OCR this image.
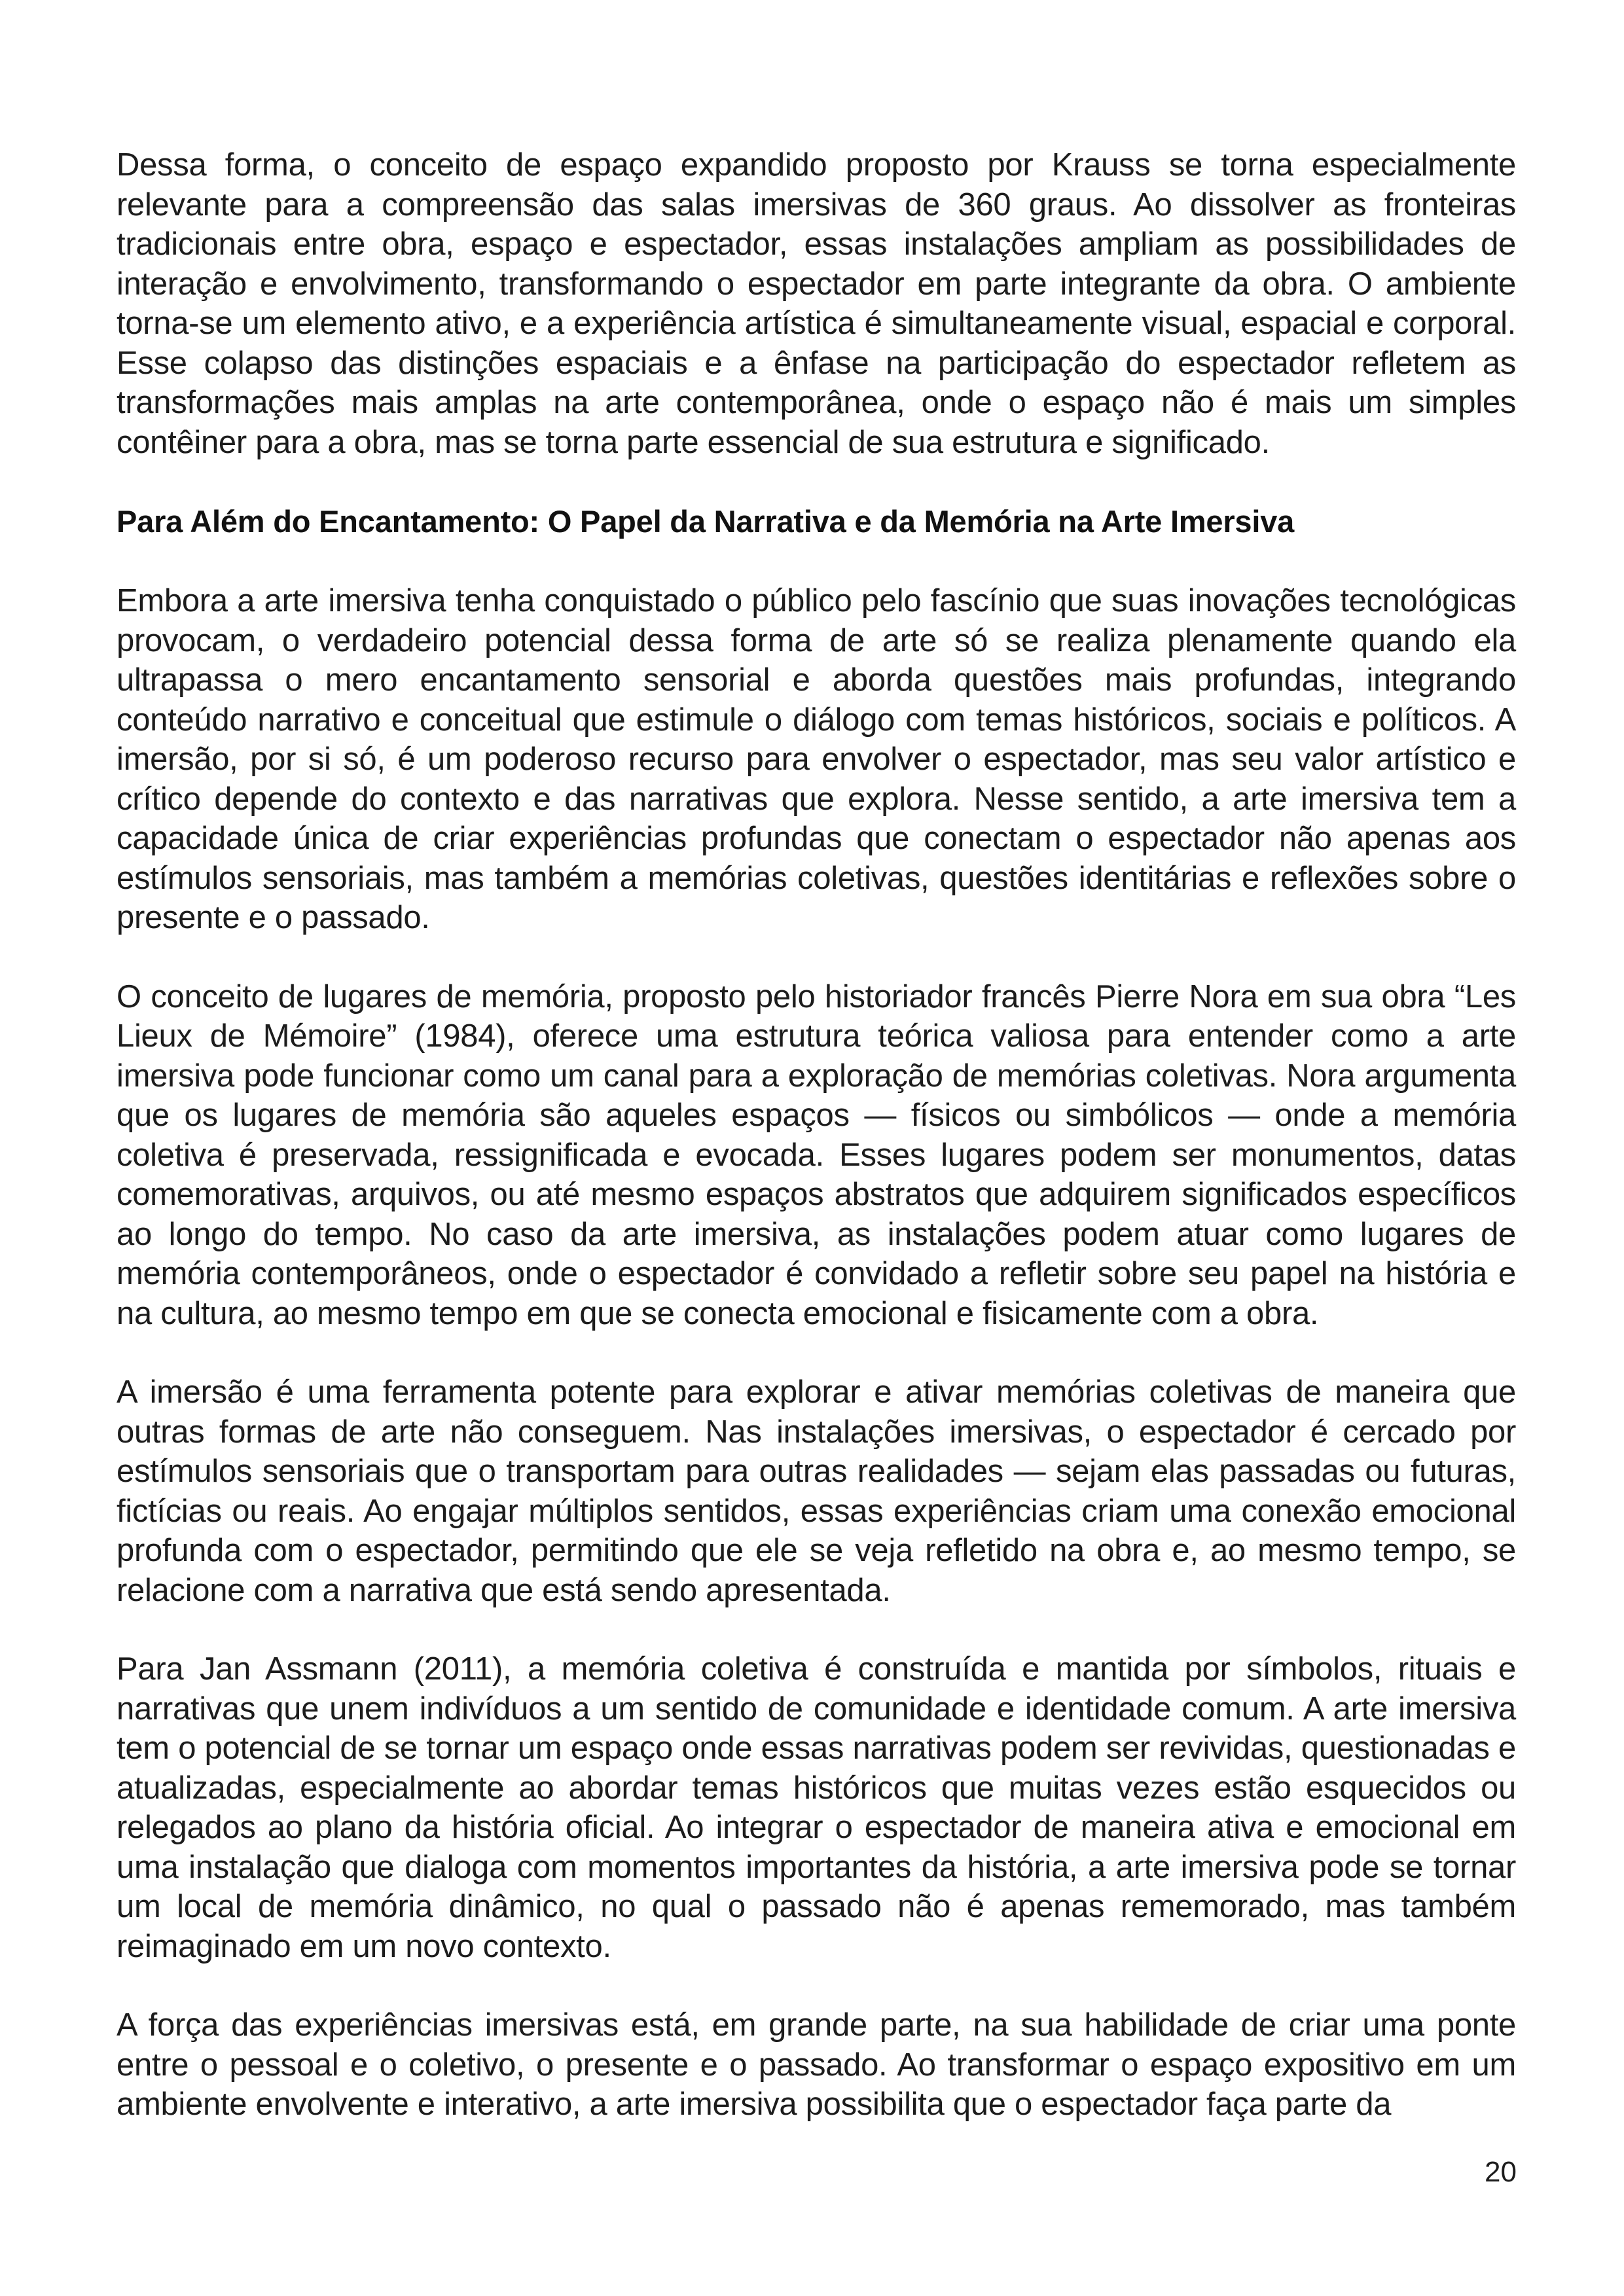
Dessa forma, o conceito de espaço expandido proposto por Krauss se torna especialmente relevante para a compreensão das salas imersivas de 360 graus. Ao dissolver as fronteiras tradicionais entre obra, espaço e espectador, essas instalações ampliam as possibilidades de interação e envolvimento, transformando o espectador em parte integrante da obra. O ambiente torna-se um elemento ativo, e a experiência artística é simultaneamente visual, espacial e corporal. Esse colapso das distinções espaciais e a ênfase na participação do espectador refletem as transformações mais amplas na arte contemporânea, onde o espaço não é mais um simples contêiner para a obra, mas se torna parte essencial de sua estrutura e significado.

Para Além do Encantamento: O Papel da Narrativa e da Memória na Arte Imersiva

Embora a arte imersiva tenha conquistado o público pelo fascínio que suas inovações tecnológicas provocam, o verdadeiro potencial dessa forma de arte só se realiza plenamente quando ela ultrapassa o mero encantamento sensorial e aborda questões mais profundas, integrando conteúdo narrativo e conceitual que estimule o diálogo com temas históricos, sociais e políticos. A imersão, por si só, é um poderoso recurso para envolver o espectador, mas seu valor artístico e crítico depende do contexto e das narrativas que explora. Nesse sentido, a arte imersiva tem a capacidade única de criar experiências profundas que conectam o espectador não apenas aos estímulos sensoriais, mas também a memórias coletivas, questões identitárias e reflexões sobre o presente e o passado.

O conceito de lugares de memória, proposto pelo historiador francês Pierre Nora em sua obra “Les Lieux de Mémoire” (1984), oferece uma estrutura teórica valiosa para entender como a arte imersiva pode funcionar como um canal para a exploração de memórias coletivas. Nora argumenta que os lugares de memória são aqueles espaços — físicos ou simbólicos — onde a memória coletiva é preservada, ressignificada e evocada. Esses lugares podem ser monumentos, datas comemorativas, arquivos, ou até mesmo espaços abstratos que adquirem significados específicos ao longo do tempo. No caso da arte imersiva, as instalações podem atuar como lugares de memória contemporâneos, onde o espectador é convidado a refletir sobre seu papel na história e na cultura, ao mesmo tempo em que se conecta emocional e fisicamente com a obra.

A imersão é uma ferramenta potente para explorar e ativar memórias coletivas de maneira que outras formas de arte não conseguem. Nas instalações imersivas, o espectador é cercado por estímulos sensoriais que o transportam para outras realidades — sejam elas passadas ou futuras, fictícias ou reais. Ao engajar múltiplos sentidos, essas experiências criam uma conexão emocional profunda com o espectador, permitindo que ele se veja refletido na obra e, ao mesmo tempo, se relacione com a narrativa que está sendo apresentada.

Para Jan Assmann (2011), a memória coletiva é construída e mantida por símbolos, rituais e narrativas que unem indivíduos a um sentido de comunidade e identidade comum. A arte imersiva tem o potencial de se tornar um espaço onde essas narrativas podem ser revividas, questionadas e atualizadas, especialmente ao abordar temas históricos que muitas vezes estão esquecidos ou relegados ao plano da história oficial. Ao integrar o espectador de maneira ativa e emocional em uma instalação que dialoga com momentos importantes da história, a arte imersiva pode se tornar um local de memória dinâmico, no qual o passado não é apenas rememorado, mas também reimaginado em um novo contexto.

A força das experiências imersivas está, em grande parte, na sua habilidade de criar uma ponte entre o pessoal e o coletivo, o presente e o passado. Ao transformar o espaço expositivo em um ambiente envolvente e interativo, a arte imersiva possibilita que o espectador faça parte da

20
